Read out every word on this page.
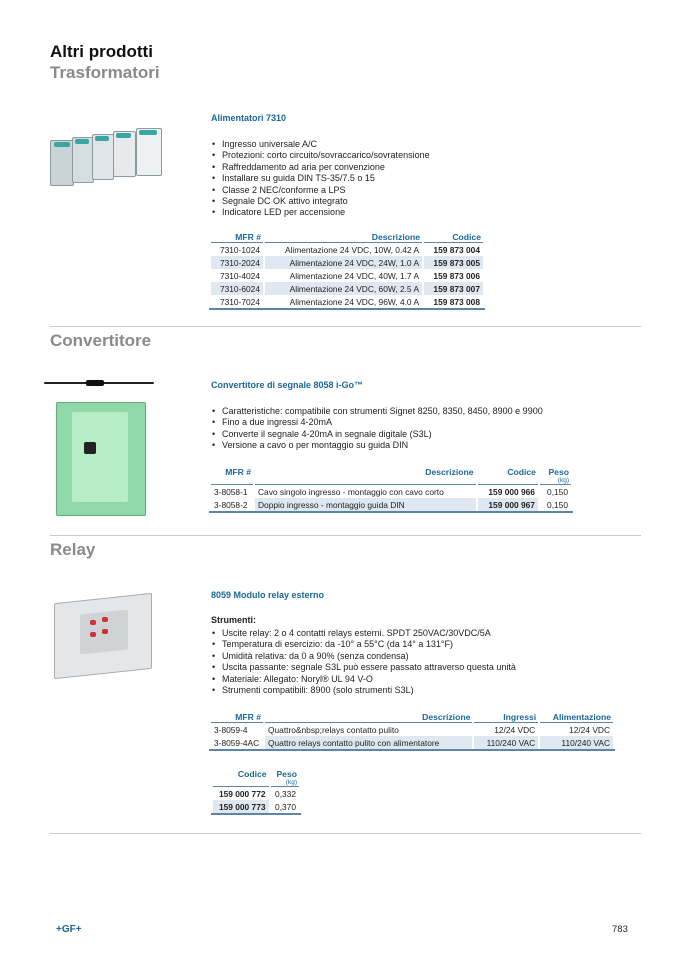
Altri prodotti
Trasformatori
Alimentatori 7310
• Ingresso universale A/C
• Protezioni: corto circuito/sovraccarico/sovratensione
• Raffreddamento ad aria per convenzione
• Installare su guida DIN TS-35/7.5 o 15
• Classe 2 NEC/conforme a LPS
• Segnale DC OK attivo integrato
• Indicatore LED per accensione
MFR #	Descrizione	Codice
7310-1024	Alimentazione 24 VDC, 10W, 0.42 A	159 873 004
7310-2024	Alimentazione 24 VDC, 24W, 1.0 A	159 873 005
7310-4024	Alimentazione 24 VDC, 40W, 1.7 A	159 873 006
7310-6024	Alimentazione 24 VDC, 60W, 2.5 A	159 873 007
7310-7024	Alimentazione 24 VDC, 96W, 4.0 A	159 873 008
Convertitore
Convertitore di segnale 8058 i-Go™
• Caratteristiche: compatibile con strumenti Signet 8250, 8350, 8450, 8900 e 9900
• Fino a due ingressi 4-20mA
• Converte il segnale 4-20mA in segnale digitale (S3L)
• Versione a cavo o per montaggio su guida DIN
MFR #	Descrizione	Codice	Peso
			(kg)
3-8058-1	Cavo singolo ingresso - montaggio con cavo corto	159 000 966	0,150
3-8058-2	Doppio ingresso - montaggio guida DIN	159 000 967	0,150
Relay
8059 Modulo relay esterno
Strumenti:
• Uscite relay: 2 o 4 contatti relays esterni. SPDT 250VAC/30VDC/5A
• Temperatura di esercizio: da -10° a 55°C (da 14° a 131°F)
• Umidità relativa: da 0 a 90% (senza condensa)
• Uscita passante: segnale S3L può essere passato attraverso questa unità
• Materiale: Allegato: Noryl® UL 94 V-O
• Strumenti compatibili: 8900 (solo strumenti S3L)
MFR #	Descrizione	Ingressi	Alimentazione
3-8059-4	Quattro&nbsp;relays contatto pulito	12/24 VDC	12/24 VDC
3-8059-4AC	Quattro relays contatto pulito con alimentatore	110/240 VAC	110/240 VAC
Codice	Peso
	(kg)
159 000 772	0,332
159 000 773	0,370
+GF+	783
